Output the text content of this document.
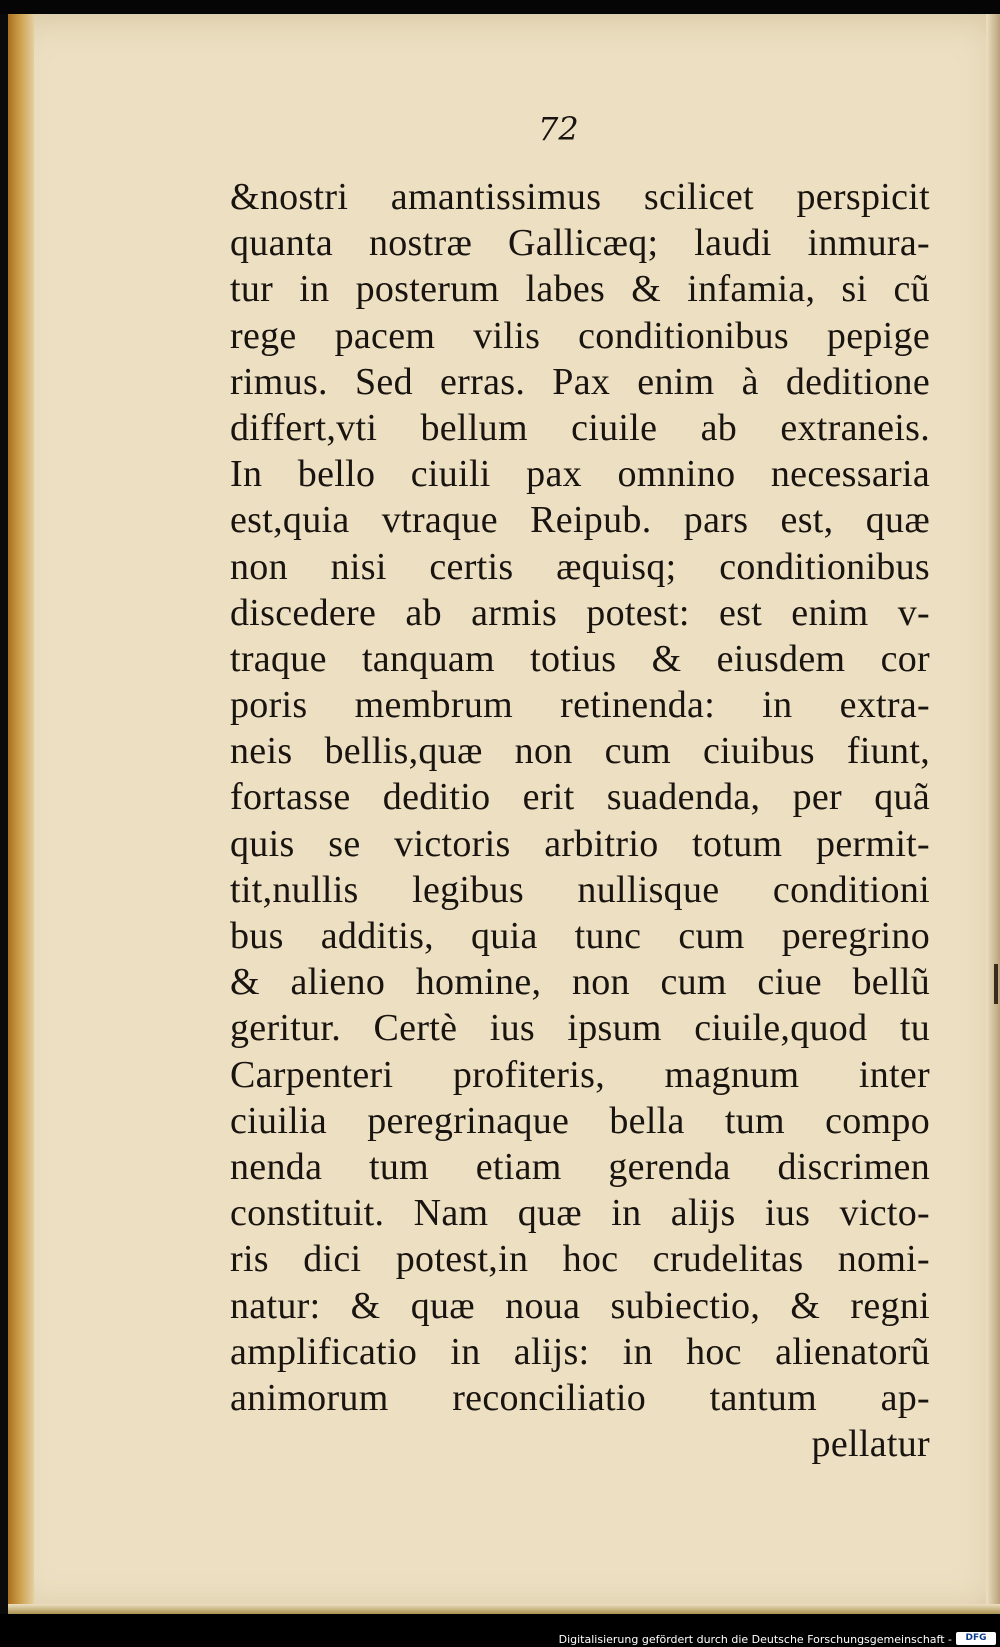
72
&nostri amantissimus scilicet perspicit
quanta nostræ Gallicæq; laudi inmura-
tur in posterum labes & infamia, si cũ
rege pacem vilis conditionibus pepige
rimus. Sed erras. Pax enim à deditione
differt,vti bellum ciuile ab extraneis.
In bello ciuili pax omnino necessaria
est,quia vtraque Reipub. pars est, quæ
non nisi certis æquisq; conditionibus
discedere ab armis potest: est enim v-
traque tanquam totius & eiusdem cor
poris membrum retinenda: in extra-
neis bellis,quæ non cum ciuibus fiunt,
fortasse deditio erit suadenda, per quã
quis se victoris arbitrio totum permit-
tit,nullis legibus nullisque conditioni
bus additis, quia tunc cum peregrino
& alieno homine, non cum ciue bellũ
geritur. Certè ius ipsum ciuile,quod tu
Carpenteri profiteris, magnum inter
ciuilia peregrinaque bella tum compo
nenda tum etiam gerenda discrimen
constituit. Nam quæ in alijs ius victo-
ris dici potest,in hoc crudelitas nomi-
natur: & quæ noua subiectio, & regni
amplificatio in alijs: in hoc alienatorũ
animorum reconciliatio tantum ap-
pellatur
Digitalisierung gefördert durch die Deutsche Forschungsgemeinschaft -	DFG
